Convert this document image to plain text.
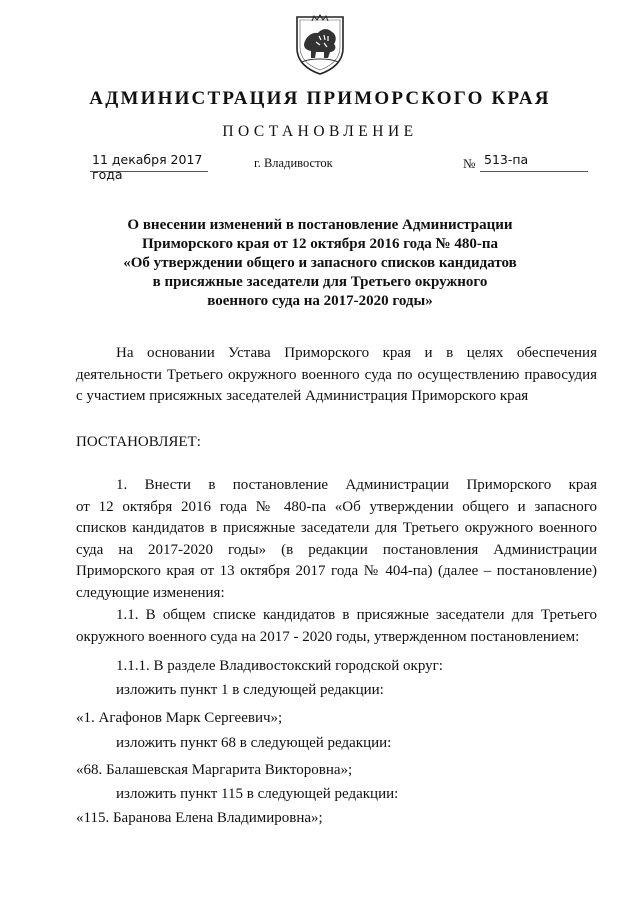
АДМИНИСТРАЦИЯ ПРИМОРСКОГО КРАЯ
ПОСТАНОВЛЕНИЕ
11 декабря 2017 года
г. Владивосток	№ 513-па
О внесении изменений в постановление Администрации
Приморского края от 12 октября 2016 года № 480-па
«Об утверждении общего и запасного списков кандидатов
в присяжные заседатели для Третьего окружного
военного суда на 2017-2020 годы»
На основании Устава Приморского края и в целях обеспечения
деятельности Третьего окружного военного суда по осуществлению правосудия
с участием присяжных заседателей Администрация Приморского края
ПОСТАНОВЛЯЕТ:
1. Внести в постановление Администрации Приморского края
от 12 октября 2016 года № 480-па «Об утверждении общего и запасного
списков кандидатов в присяжные заседатели для Третьего окружного военного
суда на 2017-2020 годы» (в редакции постановления Администрации
Приморского края от 13 октября 2017 года № 404-па) (далее – постановление)
следующие изменения:
1.1. В общем списке кандидатов в присяжные заседатели для Третьего
окружного военного суда на 2017 - 2020 годы, утвержденном постановлением:
1.1.1. В разделе Владивостокский городской округ:
изложить пункт 1 в следующей редакции:
«1. Агафонов Марк Сергеевич»;
изложить пункт 68 в следующей редакции:
«68. Балашевская Маргарита Викторовна»;
изложить пункт 115 в следующей редакции:
«115. Баранова Елена Владимировна»;
